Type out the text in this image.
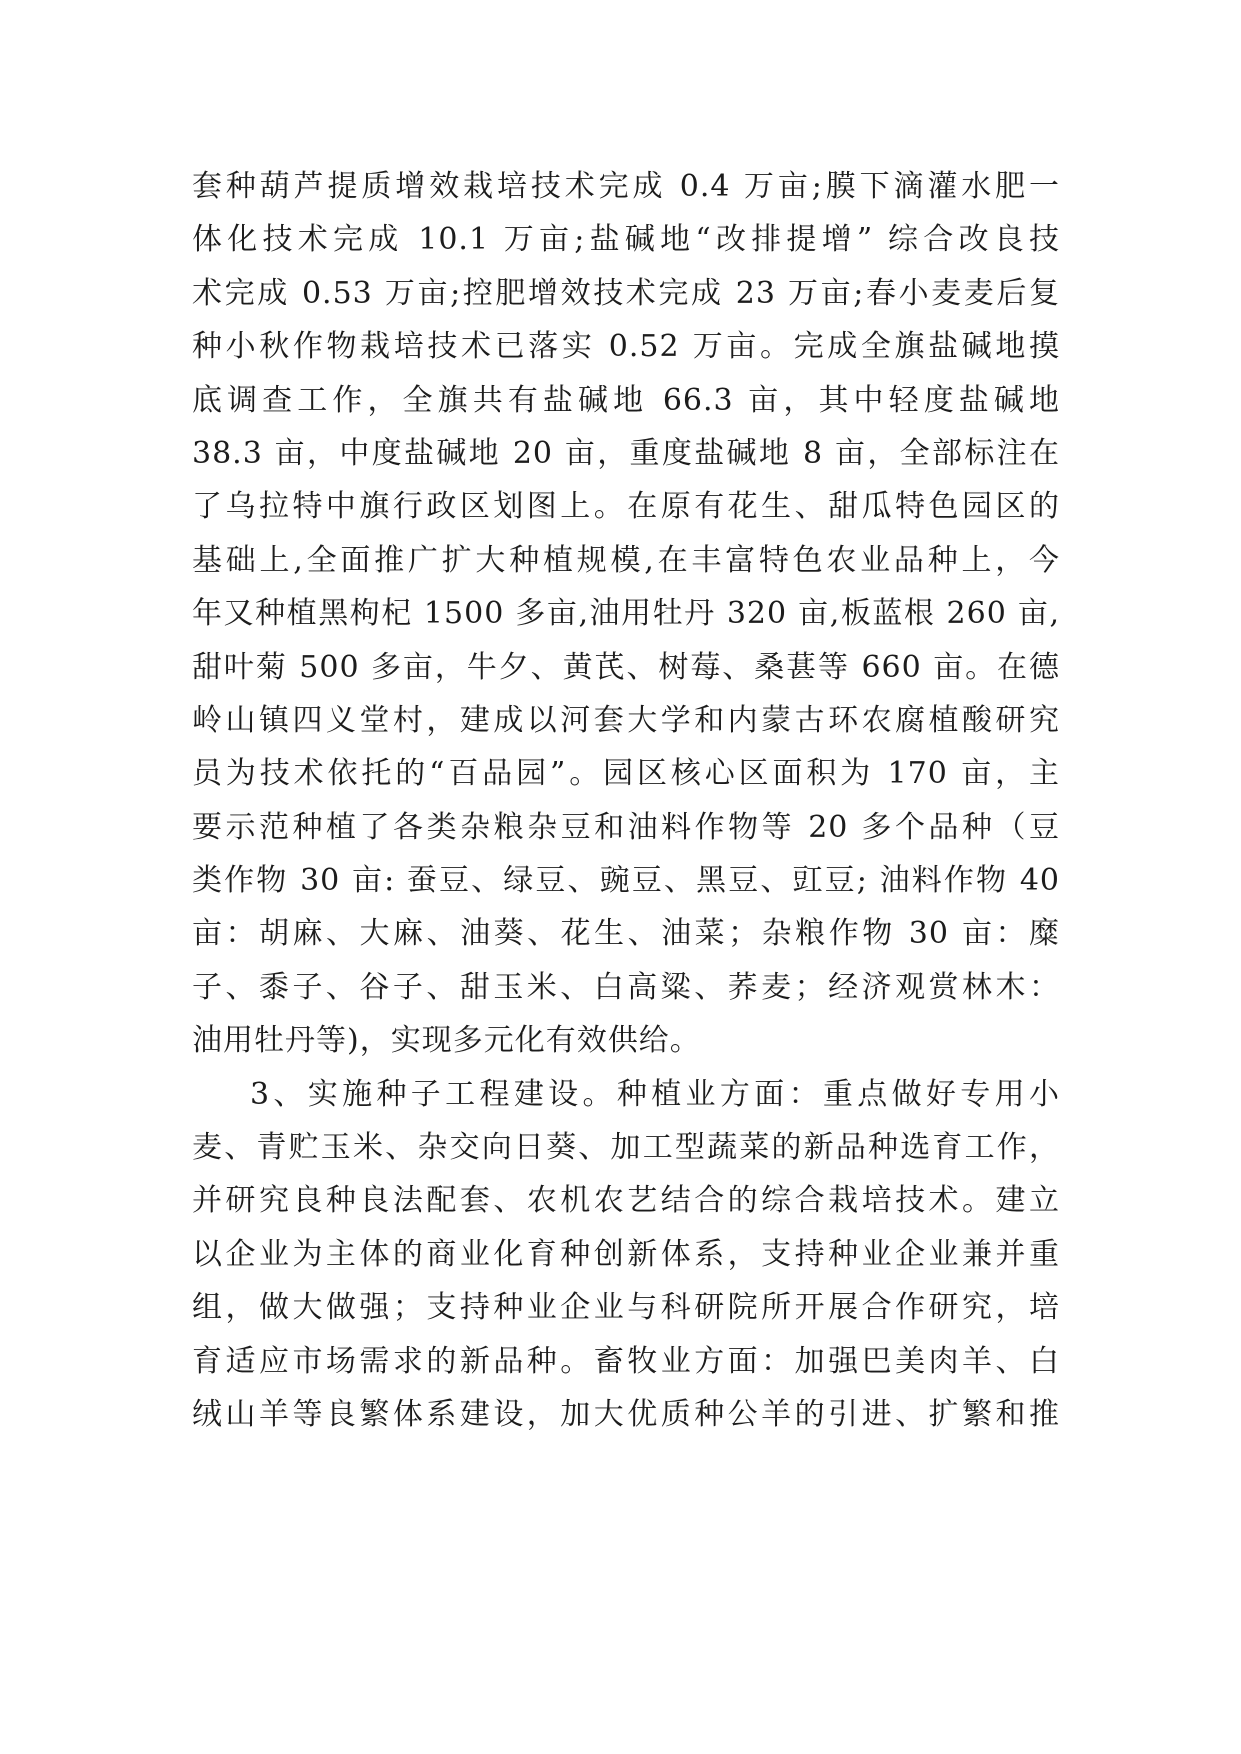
套种葫芦提质增效栽培技术完成 0.4 万亩;膜下滴灌水肥一
体化技术完成 10.1 万亩;盐碱地“改排提增” 综合改良技
术完成 0.53 万亩;控肥增效技术完成 23 万亩;春小麦麦后复
种小秋作物栽培技术已落实 0.52 万亩。完成全旗盐碱地摸
底调查工作，全旗共有盐碱地 66.3 亩，其中轻度盐碱地
38.3 亩，中度盐碱地 20 亩，重度盐碱地 8 亩，全部标注在
了乌拉特中旗行政区划图上。在原有花生、甜瓜特色园区的
基础上,全面推广扩大种植规模,在丰富特色农业品种上，今
年又种植黑枸杞 1500 多亩,油用牡丹 320 亩,板蓝根 260 亩,
甜叶菊 500 多亩，牛夕、黄芪、树莓、桑葚等 660 亩。在德
岭山镇四义堂村，建成以河套大学和内蒙古环农腐植酸研究
员为技术依托的“百品园”。园区核心区面积为 170 亩，主
要示范种植了各类杂粮杂豆和油料作物等 20 多个品种（豆
类作物 30 亩: 蚕豆、绿豆、豌豆、黑豆、豇豆; 油料作物 40
亩：胡麻、大麻、油葵、花生、油菜；杂粮作物 30 亩：糜
子、黍子、谷子、甜玉米、白高粱、荞麦；经济观赏林木：
油用牡丹等)，实现多元化有效供给。
3、实施种子工程建设。种植业方面：重点做好专用小
麦、青贮玉米、杂交向日葵、加工型蔬菜的新品种选育工作，
并研究良种良法配套、农机农艺结合的综合栽培技术。建立
以企业为主体的商业化育种创新体系，支持种业企业兼并重
组，做大做强；支持种业企业与科研院所开展合作研究，培
育适应市场需求的新品种。畜牧业方面：加强巴美肉羊、白
绒山羊等良繁体系建设，加大优质种公羊的引进、扩繁和推
